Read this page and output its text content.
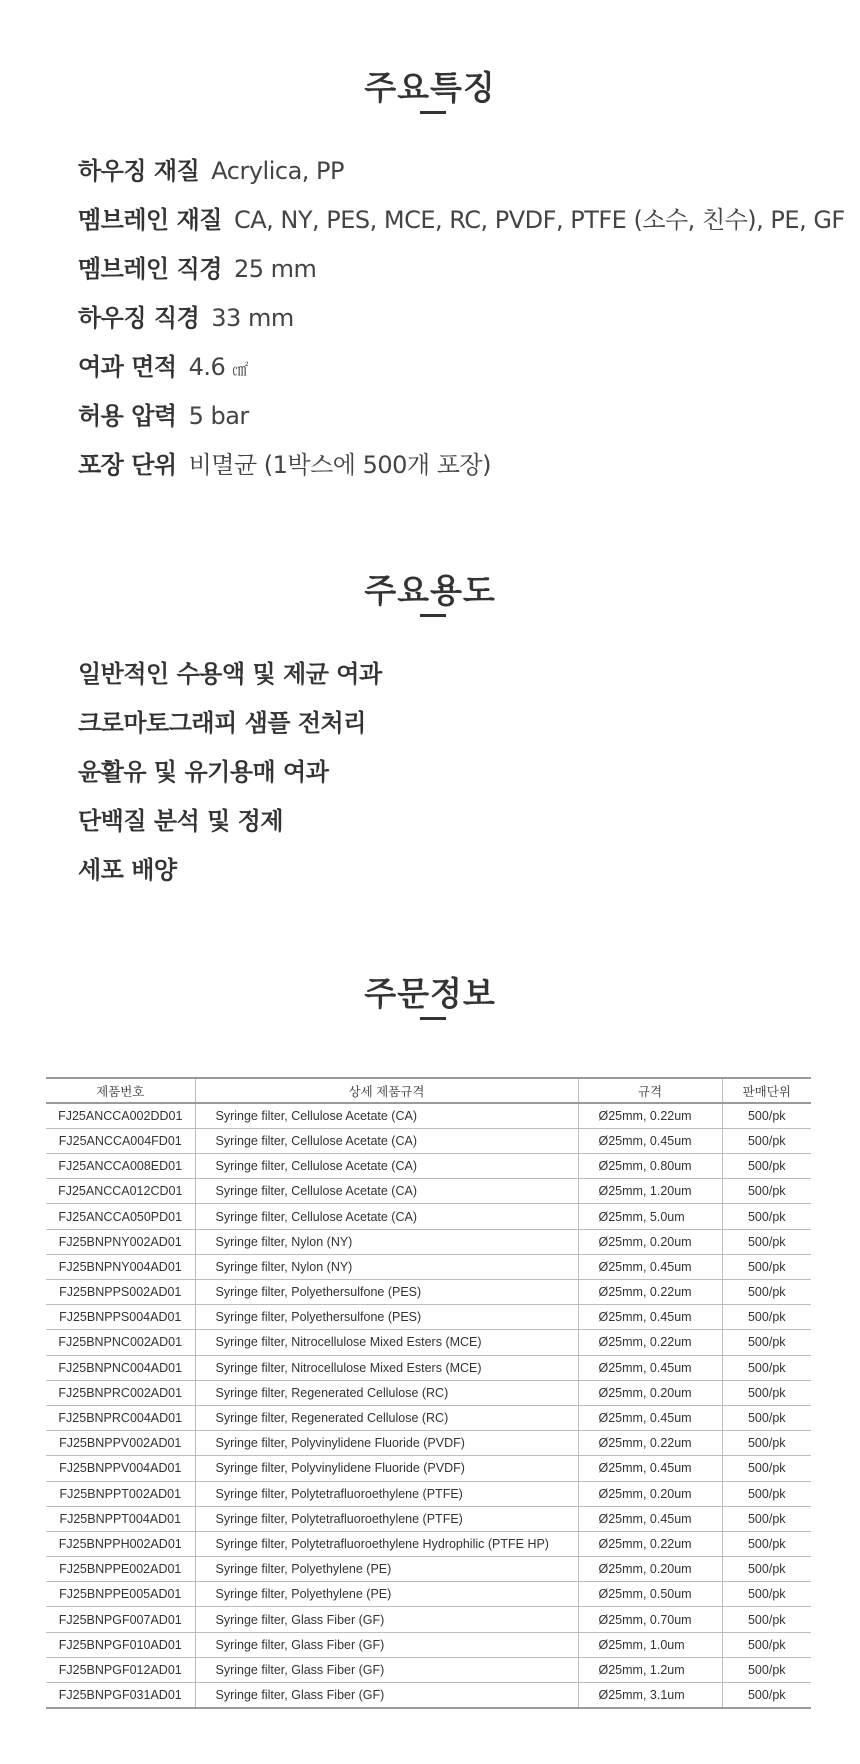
주요특징
하우징 재질 Acrylica, PP
멤브레인 재질 CA, NY, PES, MCE, RC, PVDF, PTFE (소수, 친수), PE, GF
멤브레인 직경 25 mm
하우징 직경 33 mm
여과 면적 4.6 ㎠
허용 압력 5 bar
포장 단위 비멸균 (1박스에 500개 포장)
주요용도
일반적인 수용액 및 제균 여과
크로마토그래피 샘플 전처리
윤활유 및 유기용매 여과
단백질 분석 및 정제
세포 배양
주문정보
제품번호	상세 제품규격	규격	판매단위
FJ25ANCCA002DD01	Syringe filter, Cellulose Acetate (CA)	Ø25mm, 0.22um	500/pk
FJ25ANCCA004FD01	Syringe filter, Cellulose Acetate (CA)	Ø25mm, 0.45um	500/pk
FJ25ANCCA008ED01	Syringe filter, Cellulose Acetate (CA)	Ø25mm, 0.80um	500/pk
FJ25ANCCA012CD01	Syringe filter, Cellulose Acetate (CA)	Ø25mm, 1.20um	500/pk
FJ25ANCCA050PD01	Syringe filter, Cellulose Acetate (CA)	Ø25mm, 5.0um	500/pk
FJ25BNPNY002AD01	Syringe filter, Nylon (NY)	Ø25mm, 0.20um	500/pk
FJ25BNPNY004AD01	Syringe filter, Nylon (NY)	Ø25mm, 0.45um	500/pk
FJ25BNPPS002AD01	Syringe filter, Polyethersulfone (PES)	Ø25mm, 0.22um	500/pk
FJ25BNPPS004AD01	Syringe filter, Polyethersulfone (PES)	Ø25mm, 0.45um	500/pk
FJ25BNPNC002AD01	Syringe filter, Nitrocellulose Mixed Esters (MCE)	Ø25mm, 0.22um	500/pk
FJ25BNPNC004AD01	Syringe filter, Nitrocellulose Mixed Esters (MCE)	Ø25mm, 0.45um	500/pk
FJ25BNPRC002AD01	Syringe filter, Regenerated Cellulose (RC)	Ø25mm, 0.20um	500/pk
FJ25BNPRC004AD01	Syringe filter, Regenerated Cellulose (RC)	Ø25mm, 0.45um	500/pk
FJ25BNPPV002AD01	Syringe filter, Polyvinylidene Fluoride (PVDF)	Ø25mm, 0.22um	500/pk
FJ25BNPPV004AD01	Syringe filter, Polyvinylidene Fluoride (PVDF)	Ø25mm, 0.45um	500/pk
FJ25BNPPT002AD01	Syringe filter, Polytetrafluoroethylene (PTFE)	Ø25mm, 0.20um	500/pk
FJ25BNPPT004AD01	Syringe filter, Polytetrafluoroethylene (PTFE)	Ø25mm, 0.45um	500/pk
FJ25BNPPH002AD01	Syringe filter, Polytetrafluoroethylene Hydrophilic (PTFE HP)	Ø25mm, 0.22um	500/pk
FJ25BNPPE002AD01	Syringe filter, Polyethylene (PE)	Ø25mm, 0.20um	500/pk
FJ25BNPPE005AD01	Syringe filter, Polyethylene (PE)	Ø25mm, 0.50um	500/pk
FJ25BNPGF007AD01	Syringe filter, Glass Fiber (GF)	Ø25mm, 0.70um	500/pk
FJ25BNPGF010AD01	Syringe filter, Glass Fiber (GF)	Ø25mm, 1.0um	500/pk
FJ25BNPGF012AD01	Syringe filter, Glass Fiber (GF)	Ø25mm, 1.2um	500/pk
FJ25BNPGF031AD01	Syringe filter, Glass Fiber (GF)	Ø25mm, 3.1um	500/pk
